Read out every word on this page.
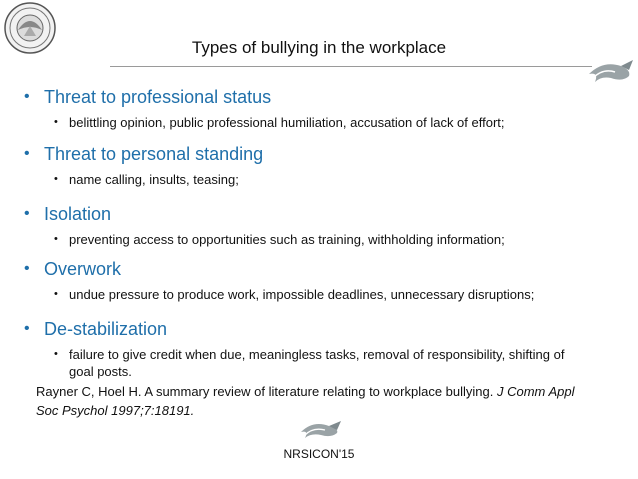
Types of bullying in the workplace
• Threat to professional status
• belittling opinion, public professional humiliation, accusation of lack of effort;
• Threat to personal standing
• name calling, insults, teasing;
• Isolation
• preventing access to opportunities such as training, withholding information;
• Overwork
• undue pressure to produce work, impossible deadlines, unnecessary disruptions;
• De-stabilization
• failure to give credit when due, meaningless tasks, removal of responsibility, shifting of goal posts.
Rayner C, Hoel H. A summary review of literature relating to workplace bullying. J Comm Appl Soc Psychol 1997;7:18191.
NRSICON'15
